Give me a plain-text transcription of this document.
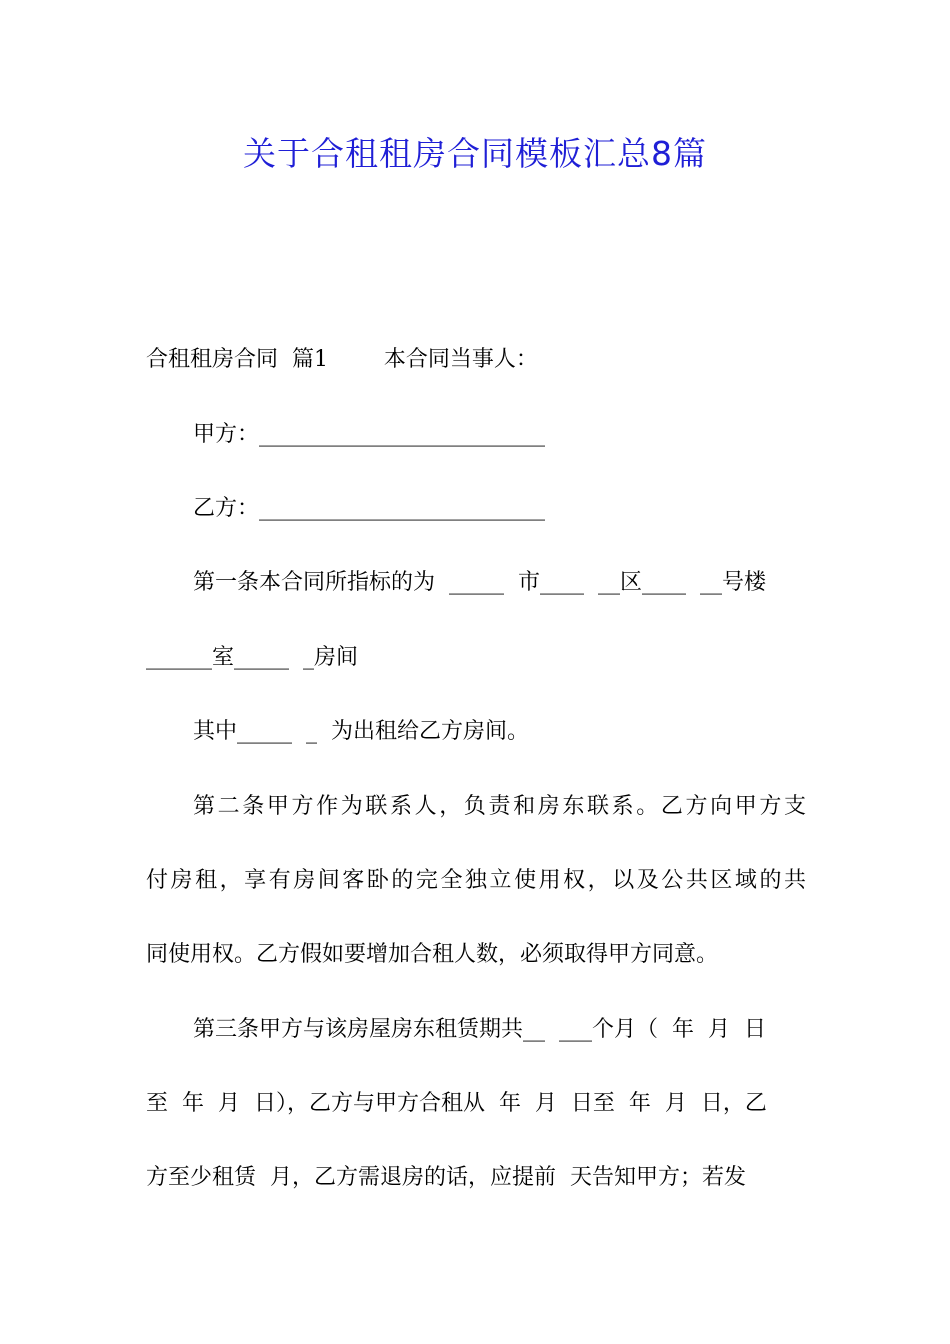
关于合租租房合同模板汇总8篇
合租租房合同  篇1        本合同当事人：
甲方：__________________________
乙方：__________________________
第一条本合同所指标的为  _____  市____  __区____  __号楼
______室_____  _房间
其中_____  _  为出租给乙方房间。
第二条甲方作为联系人，负责和房东联系。乙方向甲方支
付房租，享有房间客卧的完全独立使用权，以及公共区域的共
同使用权。乙方假如要增加合租人数，必须取得甲方同意。
第三条甲方与该房屋房东租赁期共__  ___个月（  年  月  日
至  年  月  日），乙方与甲方合租从  年  月  日至  年  月  日，乙
方至少租赁  月，乙方需退房的话，应提前  天告知甲方；若发
